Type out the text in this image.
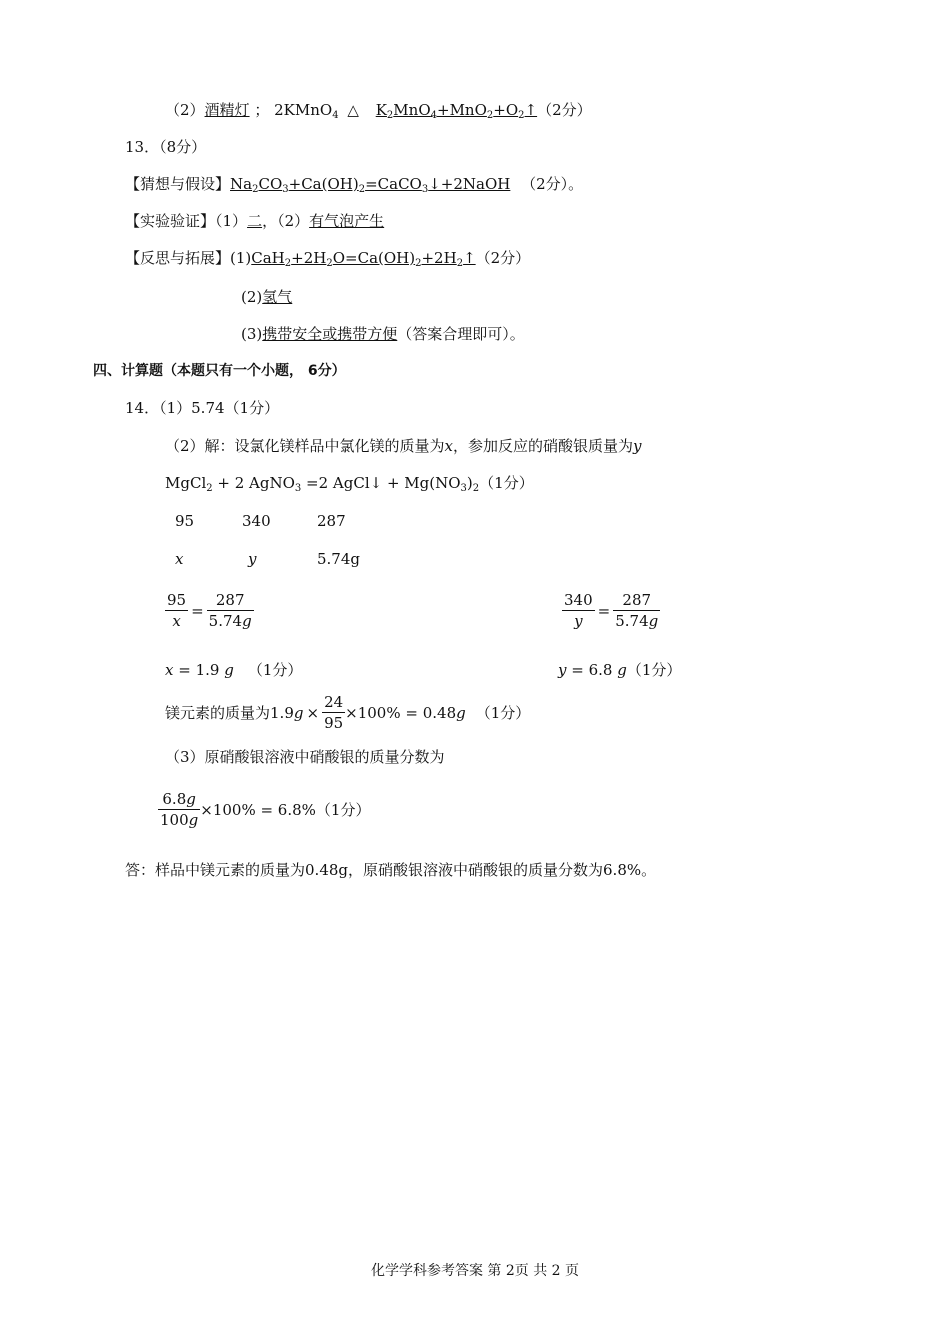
（2）酒精灯 ； 2KMnO$_4$ △ $K_2MnO_4+MnO_2+O_2↑(2$分）
13．（8分）
【猜想与假设】$Na_2CO_3+Ca(OH)_2=CaCO_3↓+2NaOH$ （2分）。
【实验验证】（1）二，（2）有气泡产生
【反思与拓展】$(1)CaH_2+2H_2O=Ca(OH)_2+2H_2↑(2$分）
(2)氢气
(3)携带安全或携带方便（答案合理即可）。
四、计算题（本题只有一个小题， 6分）
14．（1）5.74（1分）
（2）解：设氯化镁样品中氯化镁的质量为x，参加反应的硝酸银质量为y
MgCl$_2$ + 2 AgNO$_3$ =2 AgCl↓ + $Mg(NO_3)_2(1$分）
95	340	287
x	y	5.74g
$\frac{95}{x} = \frac{287}{5.74g}$	$\frac{340}{y} = \frac{287}{5.74g}$
x = 1.9 g （1分）	y = 6.8 g（1分）
镁元素的质量为 1.9 $g \times \frac{24}{95} \times 100\% = 0.48$ g （1分）
（3）原硝酸银溶液中硝酸银的质量分数为
$\frac{6.8g}{100g} \times 100\% = 6.8\%$ （1分）
答：样品中镁元素的质量为0.48g，原硝酸银溶液中硝酸银的质量分数为6.8%。
化学学科参考答案 第 2页 共 2 页
